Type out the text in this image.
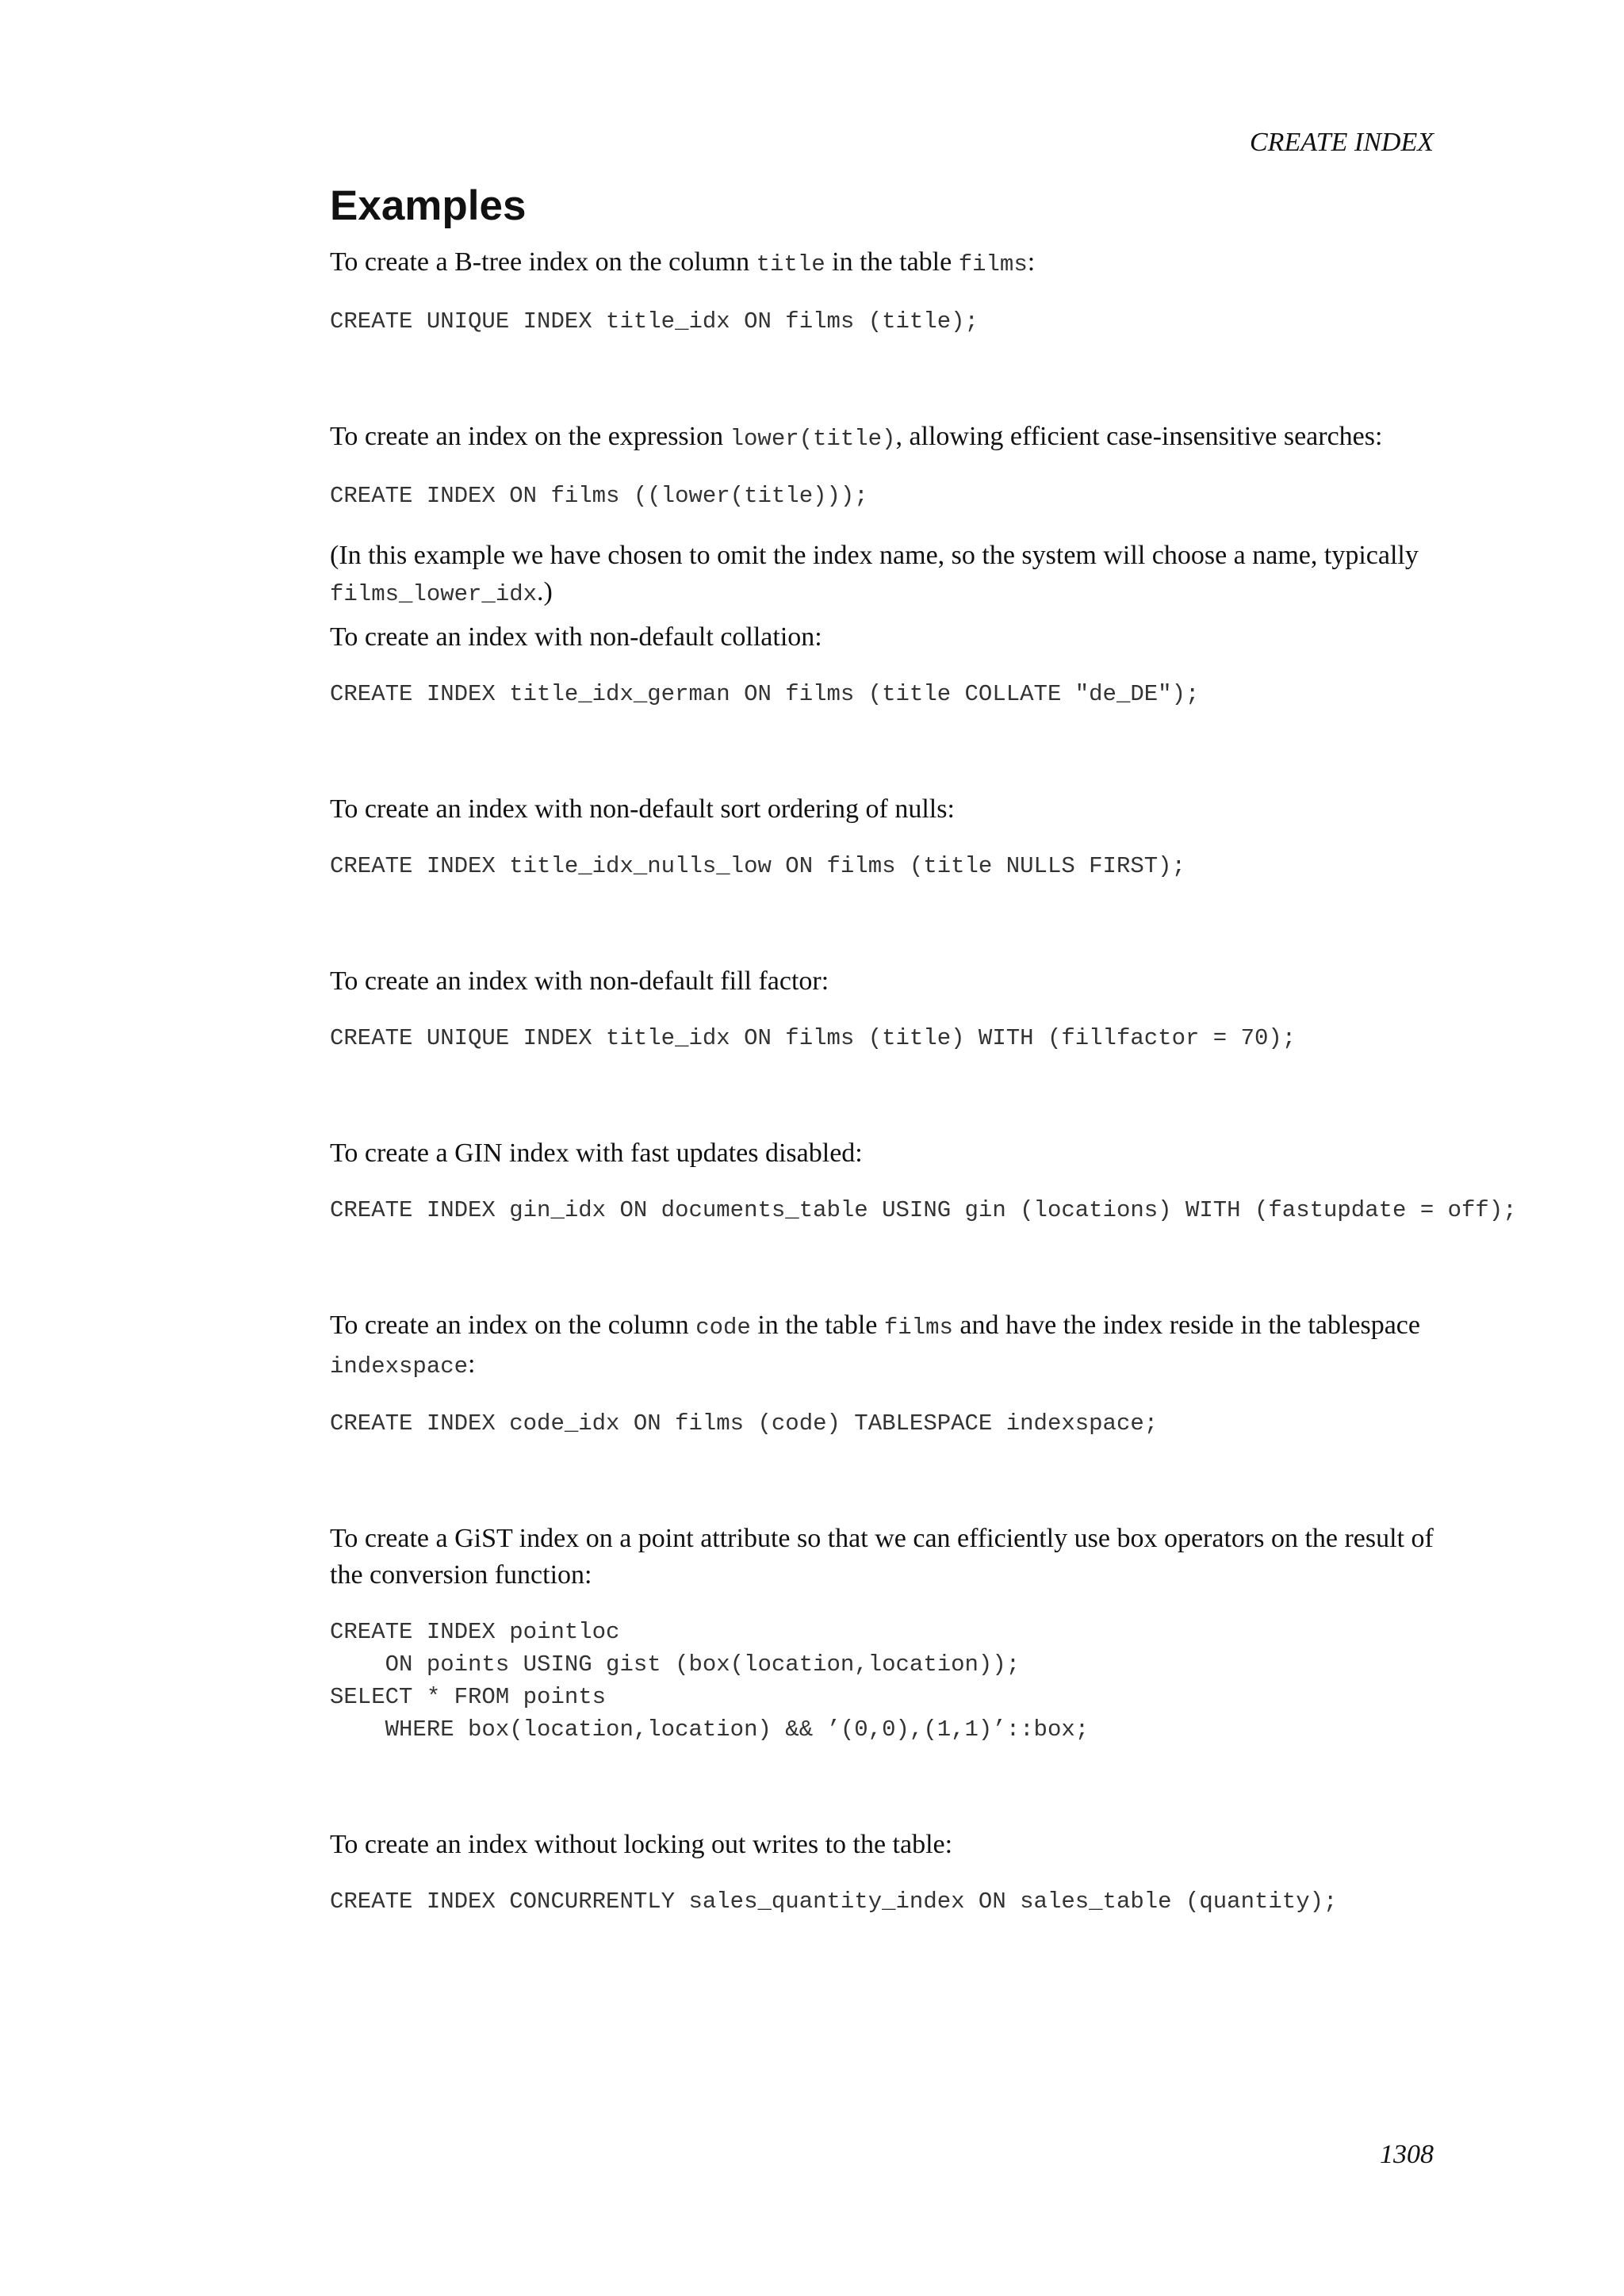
CREATE INDEX

Examples

To create a B-tree index on the column title in the table films:

CREATE UNIQUE INDEX title_idx ON films (title);

To create an index on the expression lower(title), allowing efficient case-insensitive searches:

CREATE INDEX ON films ((lower(title)));

(In this example we have chosen to omit the index name, so the system will choose a name, typically films_lower_idx.)

To create an index with non-default collation:

CREATE INDEX title_idx_german ON films (title COLLATE "de_DE");

To create an index with non-default sort ordering of nulls:

CREATE INDEX title_idx_nulls_low ON films (title NULLS FIRST);

To create an index with non-default fill factor:

CREATE UNIQUE INDEX title_idx ON films (title) WITH (fillfactor = 70);

To create a GIN index with fast updates disabled:

CREATE INDEX gin_idx ON documents_table USING gin (locations) WITH (fastupdate = off);

To create an index on the column code in the table films and have the index reside in the tablespace indexspace:

CREATE INDEX code_idx ON films (code) TABLESPACE indexspace;

To create a GiST index on a point attribute so that we can efficiently use box operators on the result of the conversion function:

CREATE INDEX pointloc
ON points USING gist (box(location,location));
SELECT * FROM points
WHERE box(location,location) && ’(0,0),(1,1)’::box;

To create an index without locking out writes to the table:

CREATE INDEX CONCURRENTLY sales_quantity_index ON sales_table (quantity);

1308
